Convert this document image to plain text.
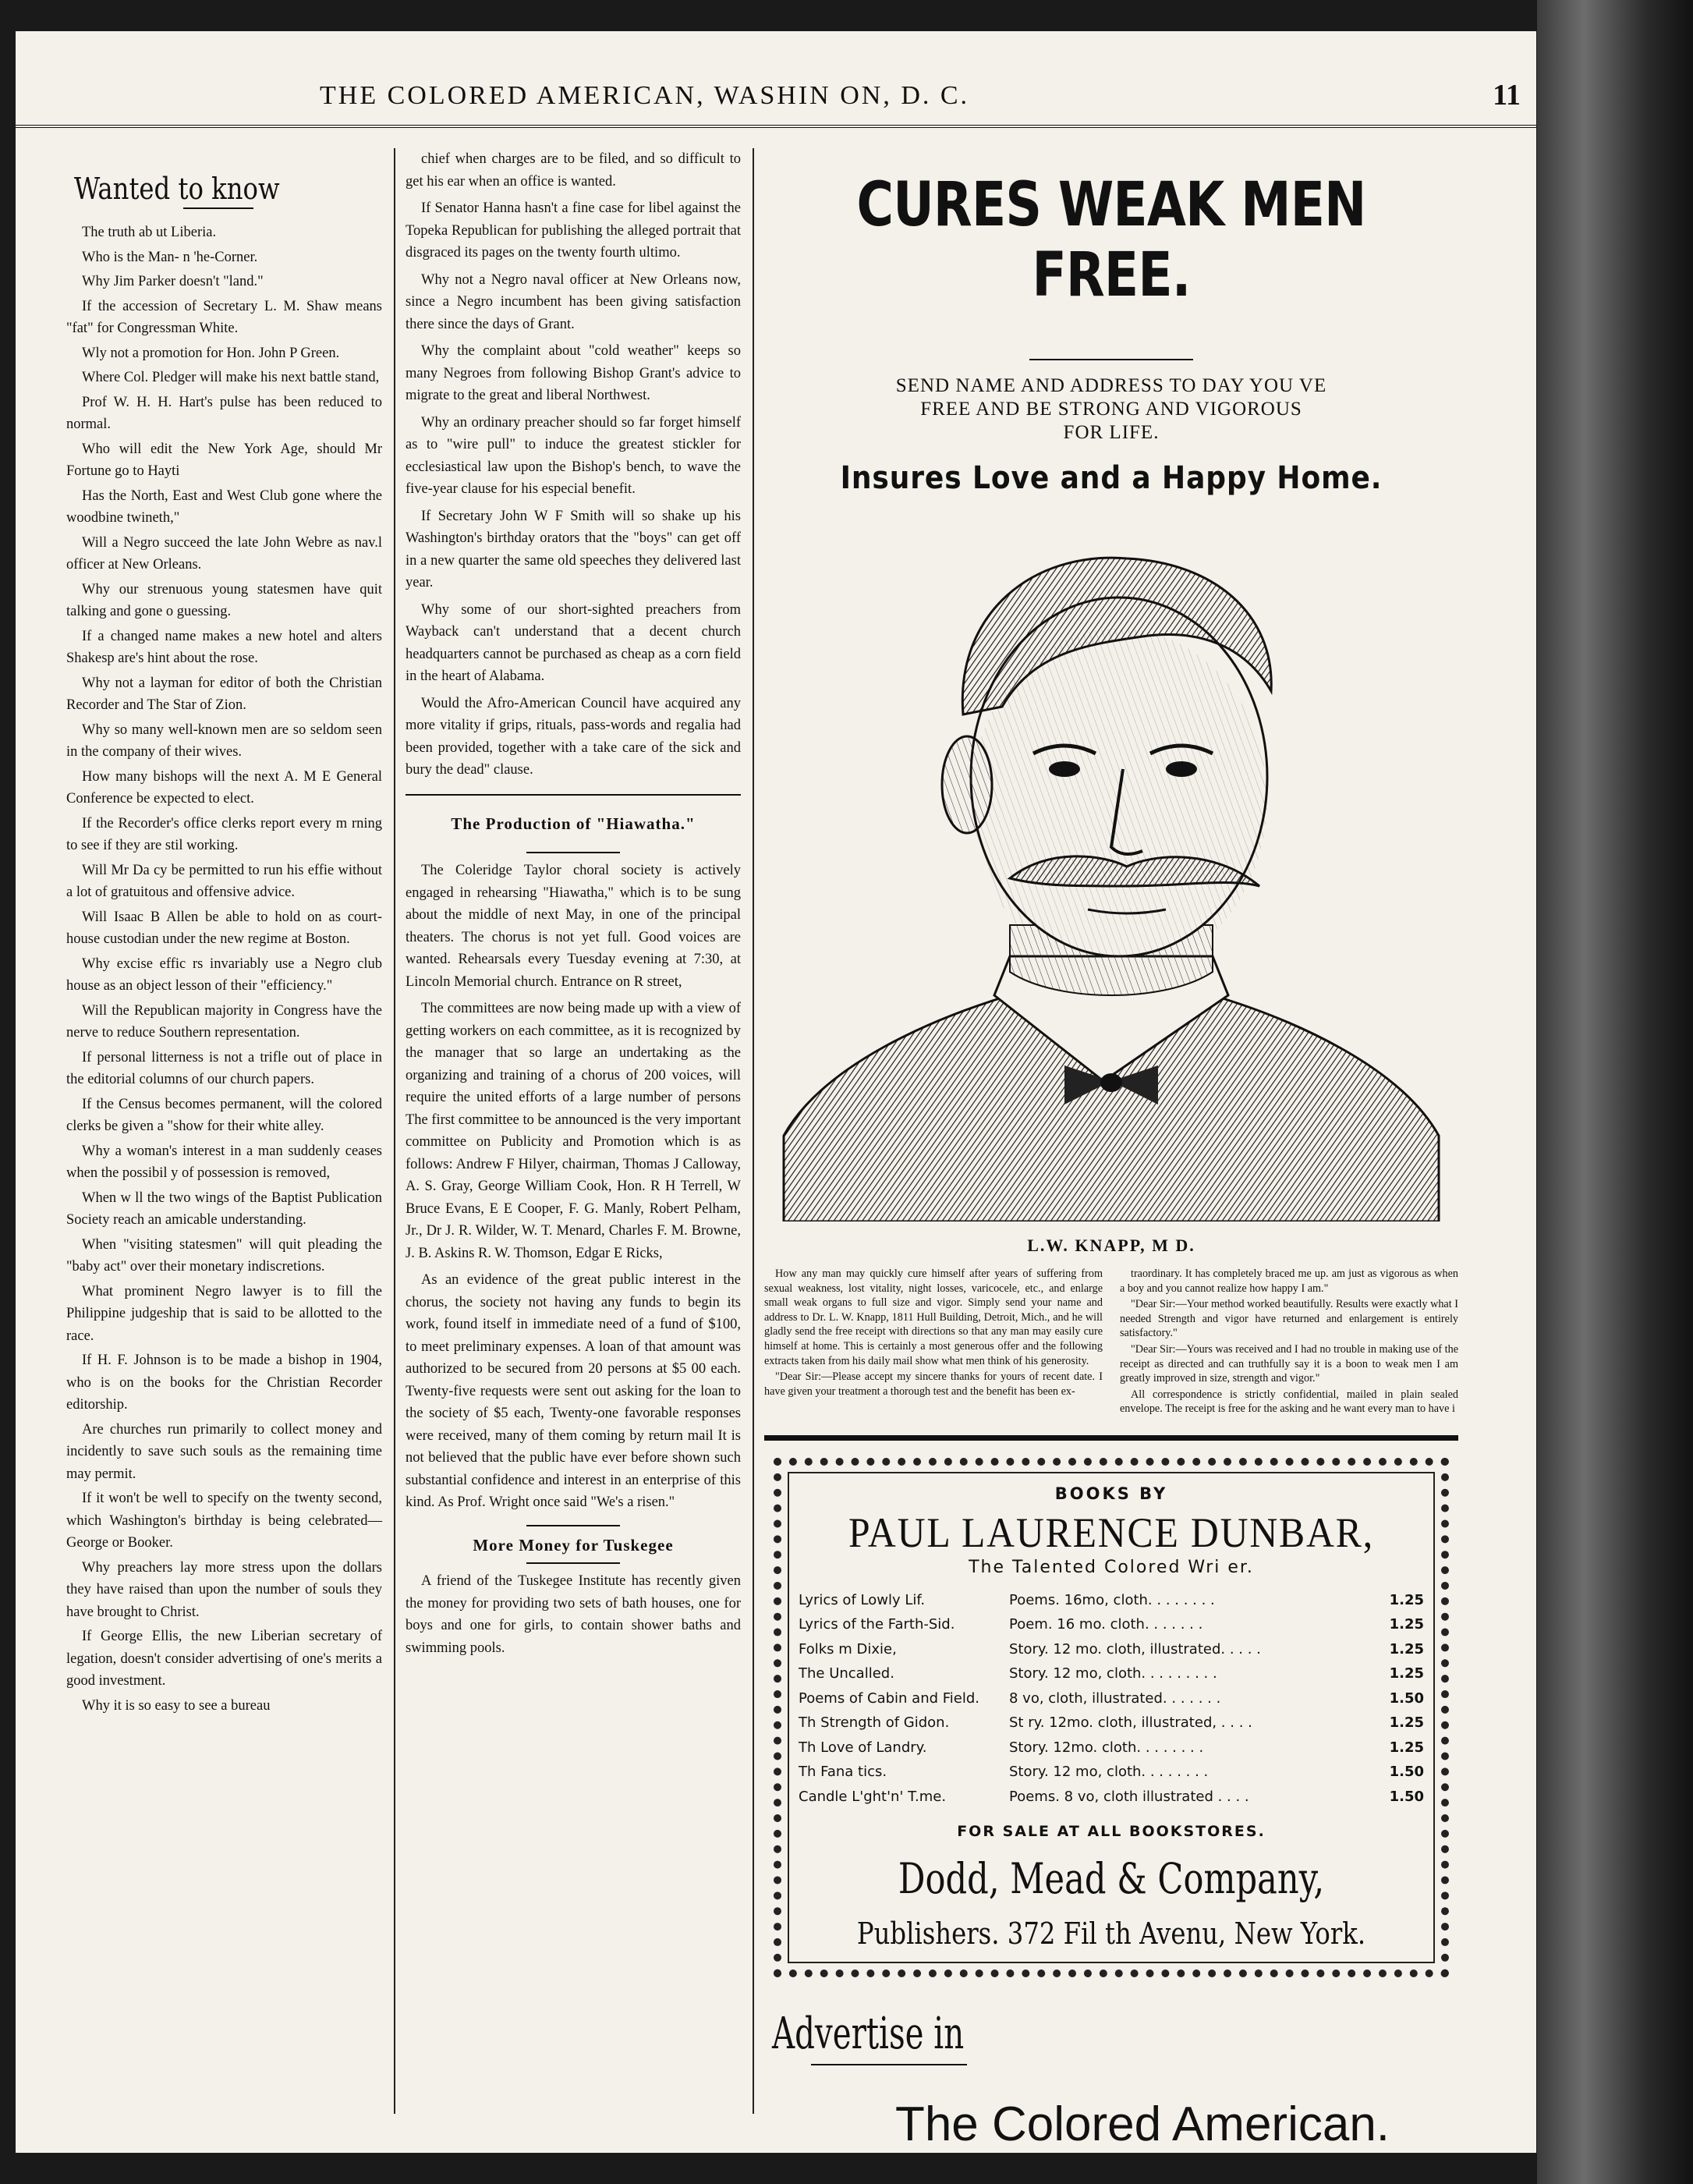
THE COLORED AMERICAN, WASHIN ON, D. C.	11
Wanted to know

The truth ab ut Liberia.

Who is the Man- n 'he-Corner.

Why Jim Parker doesn't "land."

If the accession of Secretary L. M. Shaw means "fat" for Congressman White.

Wly not a promotion for Hon. John P Green.

Where Col. Pledger will make his next battle stand,

Prof W. H. H. Hart's pulse has been reduced to normal.

Who will edit the New York Age, should Mr Fortune go to Hayti

Has the North, East and West Club gone where the woodbine twineth,"

Will a Negro succeed the late John Webre as nav.l officer at New Orleans.

Why our strenuous young statesmen have quit talking and gone o guessing.

If a changed name makes a new hotel and alters Shakesp are's hint about the rose.

Why not a layman for editor of both the Christian Recorder and The Star of Zion.

Why so many well-known men are so seldom seen in the company of their wives.

How many bishops will the next A. M E General Conference be expected to elect.

If the Recorder's office clerks report every m rning to see if they are stil working.

Will Mr Da cy be permitted to run his effie without a lot of gratuitous and offensive advice.

Will Isaac B Allen be able to hold on as court-house custodian under the new regime at Boston.

Why excise effic rs invariably use a Negro club house as an object lesson of their "efficiency."

Will the Republican majority in Congress have the nerve to reduce Southern representation.

If personal litterness is not a trifle out of place in the editorial columns of our church papers.

If the Census becomes permanent, will the colored clerks be given a "show for their white alley.

Why a woman's interest in a man suddenly ceases when the possibil y of possession is removed,

When w ll the two wings of the Baptist Publication Society reach an amicable understanding.

When "visiting statesmen" will quit pleading the "baby act" over their monetary indiscretions.

What prominent Negro lawyer is to fill the Philippine judgeship that is said to be allotted to the race.

If H. F. Johnson is to be made a bishop in 1904, who is on the books for the Christian Recorder editorship.

Are churches run primarily to collect money and incidently to save such souls as the remaining time may permit.

If it won't be well to specify on the twenty second, which Washington's birthday is being celebrated—George or Booker.

Why preachers lay more stress upon the dollars they have raised than upon the number of souls they have brought to Christ.

If George Ellis, the new Liberian secretary of legation, doesn't consider advertising of one's merits a good investment.

Why it is so easy to see a bureau

chief when charges are to be filed, and so difficult to get his ear when an office is wanted.

If Senator Hanna hasn't a fine case for libel against the Topeka Republican for publishing the alleged portrait that disgraced its pages on the twenty fourth ultimo.

Why not a Negro naval officer at New Orleans now, since a Negro incumbent has been giving satisfaction there since the days of Grant.

Why the complaint about "cold weather" keeps so many Negroes from following Bishop Grant's advice to migrate to the great and liberal Northwest.

Why an ordinary preacher should so far forget himself as to "wire pull" to induce the greatest stickler for ecclesiastical law upon the Bishop's bench, to wave the five-year clause for his especial benefit.

If Secretary John W F Smith will so shake up his Washington's birthday orators that the "boys" can get off in a new quarter the same old speeches they delivered last year.

Why some of our short-sighted preachers from Wayback can't understand that a decent church headquarters cannot be purchased as cheap as a corn field in the heart of Alabama.

Would the Afro-American Council have acquired any more vitality if grips, rituals, pass-words and regalia had been provided, together with a take care of the sick and bury the dead" clause.

The Production of "Hiawatha."

The Coleridge Taylor choral society is actively engaged in rehearsing "Hiawatha," which is to be sung about the middle of next May, in one of the principal theaters. The chorus is not yet full. Good voices are wanted. Rehearsals every Tuesday evening at 7:30, at Lincoln Memorial church. Entrance on R street,

The committees are now being made up with a view of getting workers on each committee, as it is recognized by the manager that so large an undertaking as the organizing and training of a chorus of 200 voices, will require the united efforts of a large number of persons The first committee to be announced is the very important committee on Publicity and Promotion which is as follows: Andrew F Hilyer, chairman, Thomas J Calloway, A. S. Gray, George William Cook, Hon. R H Terrell, W Bruce Evans, E E Cooper, F. G. Manly, Robert Pelham, Jr., Dr J. R. Wilder, W. T. Menard, Charles F. M. Browne, J. B. Askins R. W. Thomson, Edgar E Ricks,

As an evidence of the great public interest in the chorus, the society not having any funds to begin its work, found itself in immediate need of a fund of $100, to meet preliminary expenses. A loan of that amount was authorized to be secured from 20 persons at $5 00 each. Twenty-five requests were sent out asking for the loan to the society of $5 each, Twenty-one favorable responses were received, many of them coming by return mail It is not believed that the public have ever before shown such substantial confidence and interest in an enterprise of this kind. As Prof. Wright once said "We's a risen."

More Money for Tuskegee
A friend of the Tuskegee Institute has recently given the money for providing two sets of bath houses, one for boys and one for girls, to contain shower baths and swimming pools.
CURES WEAK MEN FREE.
SEND NAME AND ADDRESS TO DAY YOU VE
FREE AND BE STRONG AND VIGOROUS
FOR LIFE.
Insures Love and a Happy Home.
L.W. KNAPP, M D.

How any man may quickly cure himself after years of suffering from sexual weakness, lost vitality, night losses, varicocele, etc., and enlarge small weak organs to full size and vigor. Simply send your name and address to Dr. L. W. Knapp, 1811 Hull Building, Detroit, Mich., and he will gladly send the free receipt with directions so that any man may easily cure himself at home. This is certainly a most generous offer and the following extracts taken from his daily mail show what men think of his generosity.

"Dear Sir:—Please accept my sincere thanks for yours of recent date. I have given your treatment a thorough test and the benefit has been ex-

traordinary. It has completely braced me up. am just as vigorous as when a boy and you cannot realize how happy I am."

"Dear Sir:—Your method worked beautifully. Results were exactly what I needed Strength and vigor have returned and enlargement is entirely satisfactory."

"Dear Sir:—Yours was received and I had no trouble in making use of the receipt as directed and can truthfully say it is a boon to weak men I am greatly improved in size, strength and vigor."

All correspondence is strictly confidential, mailed in plain sealed envelope. The receipt is free for the asking and he want every man to have i

BOOKS BY
PAUL LAURENCE DUNBAR,
The Talented Colored Wri er.
Lyrics of Lowly Lif.	Poems. 16mo, cloth. . . . . . . .	1.25
Lyrics of the Farth-Sid.	Poem. 16 mo. cloth. . . . . . .	1.25
Folks m Dixie,	Story. 12 mo. cloth, illustrated. . . . .	1.25
The Uncalled.	Story. 12 mo, cloth. . . . . . . . .	1.25
Poems of Cabin and Field.	8 vo, cloth, illustrated. . . . . . .	1.50
Th Strength of Gidon.	St ry. 12mo. cloth, illustrated, . . . .	1.25
Th Love of Landry.	Story. 12mo. cloth. . . . . . . .	1.25
Th Fana tics.	Story. 12 mo, cloth. . . . . . . .	1.50
Candle L'ght'n' T.me.	Poems. 8 vo, cloth illustrated . . . .	1.50
FOR SALE AT ALL BOOKSTORES.
Dodd, Mead & Company,
Publishers. 372 Fil th Avenu, New York.
Advertise in
The Colored American.
